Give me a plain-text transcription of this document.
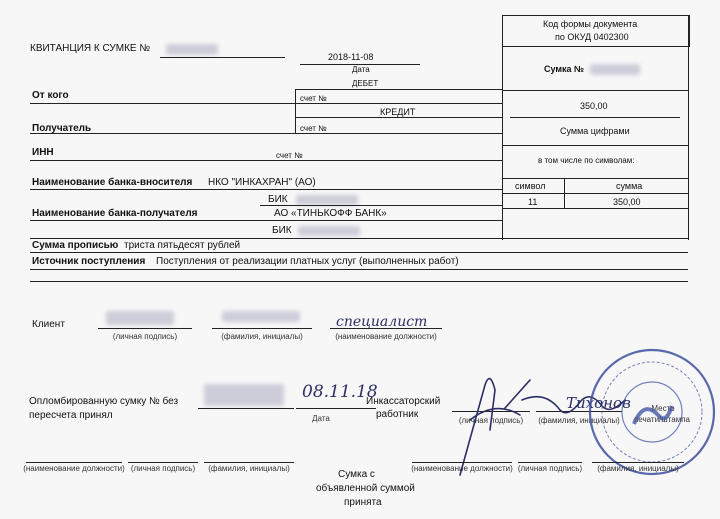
КВИТАНЦИЯ К СУМКЕ №
2018-11-08
Дата
Код формы документа
по ОКУД 0402300
Сумка №
350,00
Сумма цифрами
в том числе по символам:
символ	сумма
11	350,00
ДЕБЕТ
От кого	счет №
КРЕДИТ
Получатель	счет №
ИНН	счет №
Наименование банка-вносителя НКО "ИНКАХРАН" (АО)
БИК
Наименование банка-получателя	АО «ТИНЬКОФФ БАНК»
БИК
Сумма прописью триста пятьдесят рублей
Источник поступления Поступления от реализации платных услуг (выполненных работ)
Клиент
(личная подпись)	(фамилия, инициалы)
специалист
(наименование должности)
Опломбированную сумку № без
пересчета принял
08.11.18
Дата
Инкассаторский
работник
(личная подпись)	(фамилия, инициалы)
Место
печати/штампа
Тихонов
Сумка с
объявленной суммой
принята
(наименование должности) (личная подпись)	(фамилия, инициалы)	(наименование должности) (личная подпись)	(фамилия, инициалы)
